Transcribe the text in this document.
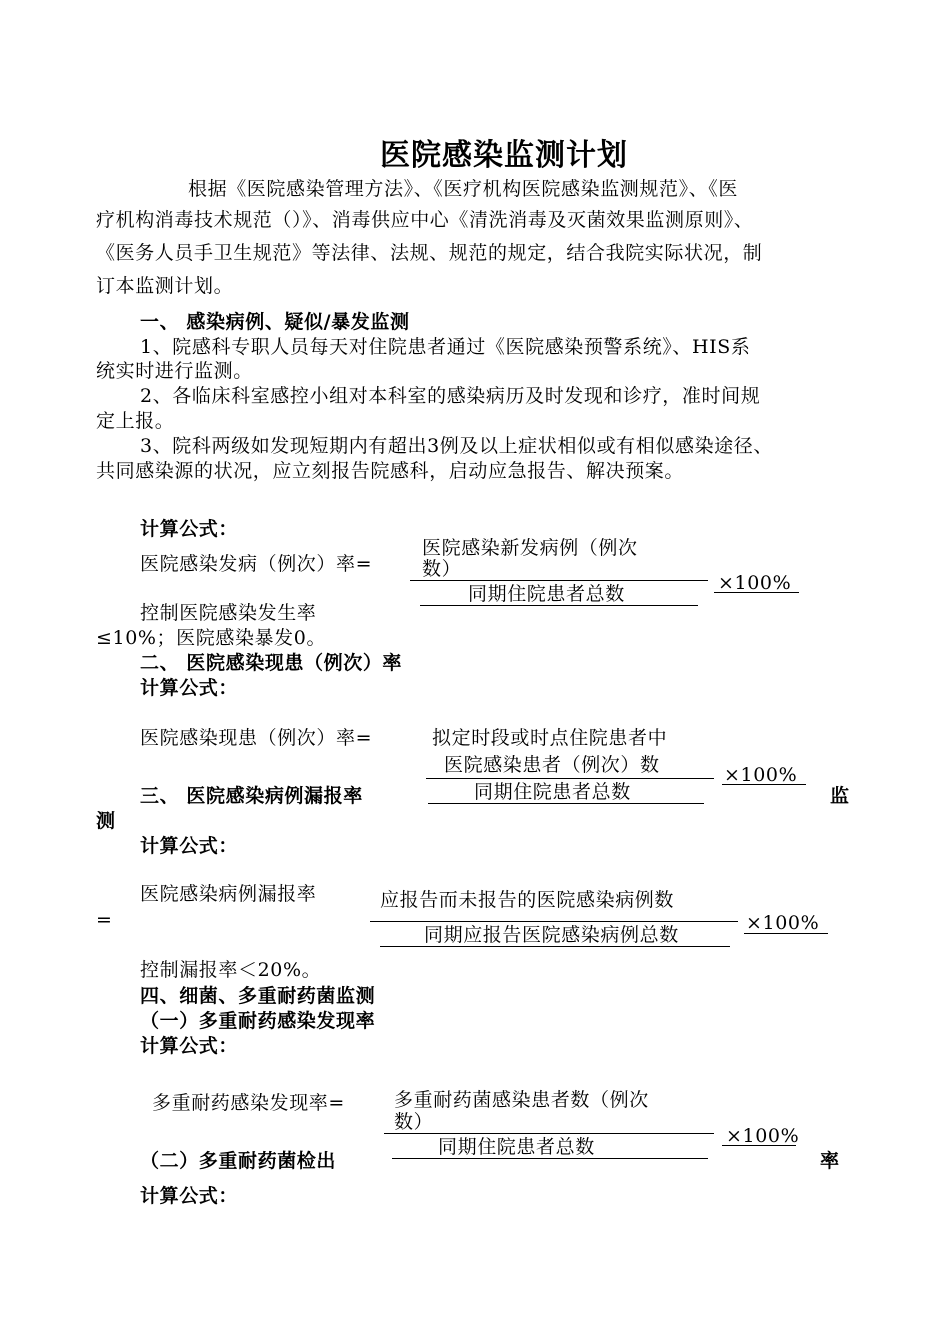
医院感染监测计划
根据《医院感染管理方法》、《医疗机构医院感染监测规范》、《医
疗机构消毒技术规范（）》、消毒供应中心《清洗消毒及灭菌效果监测原则》、
《医务人员手卫生规范》等法律、法规、规范的规定，结合我院实际状况，制
订本监测计划。
一、 感染病例、疑似/暴发监测
1、院感科专职人员每天对住院患者通过《医院感染预警系统》、HIS系
统实时进行监测。
2、各临床科室感控小组对本科室的感染病历及时发现和诊疗，准时间规
定上报。
3、院科两级如发现短期内有超出3例及以上症状相似或有相似感染途径、
共同感染源的状况，应立刻报告院感科，启动应急报告、解决预案。
计算公式：
医院感染发病（例次）率=
医院感染新发病例（例次
数）
同期住院患者总数	×100%
控制医院感染发生率
≤10%；医院感染暴发0。
二、 医院感染现患（例次）率
计算公式：
医院感染现患（例次）率=	拟定时段或时点住院患者中
医院感染患者（例次）数
同期住院患者总数
×100%
三、 医院感染病例漏报率	监
测
计算公式：
医院感染病例漏报率
=
应报告而未报告的医院感染病例数
同期应报告医院感染病例总数
×100%
控制漏报率＜20%。
四、细菌、多重耐药菌监测
（一）多重耐药感染发现率
计算公式：
多重耐药感染发现率=	多重耐药菌感染患者数（例次
数）
同期住院患者总数	×100%
（二）多重耐药菌检出	率
计算公式：
